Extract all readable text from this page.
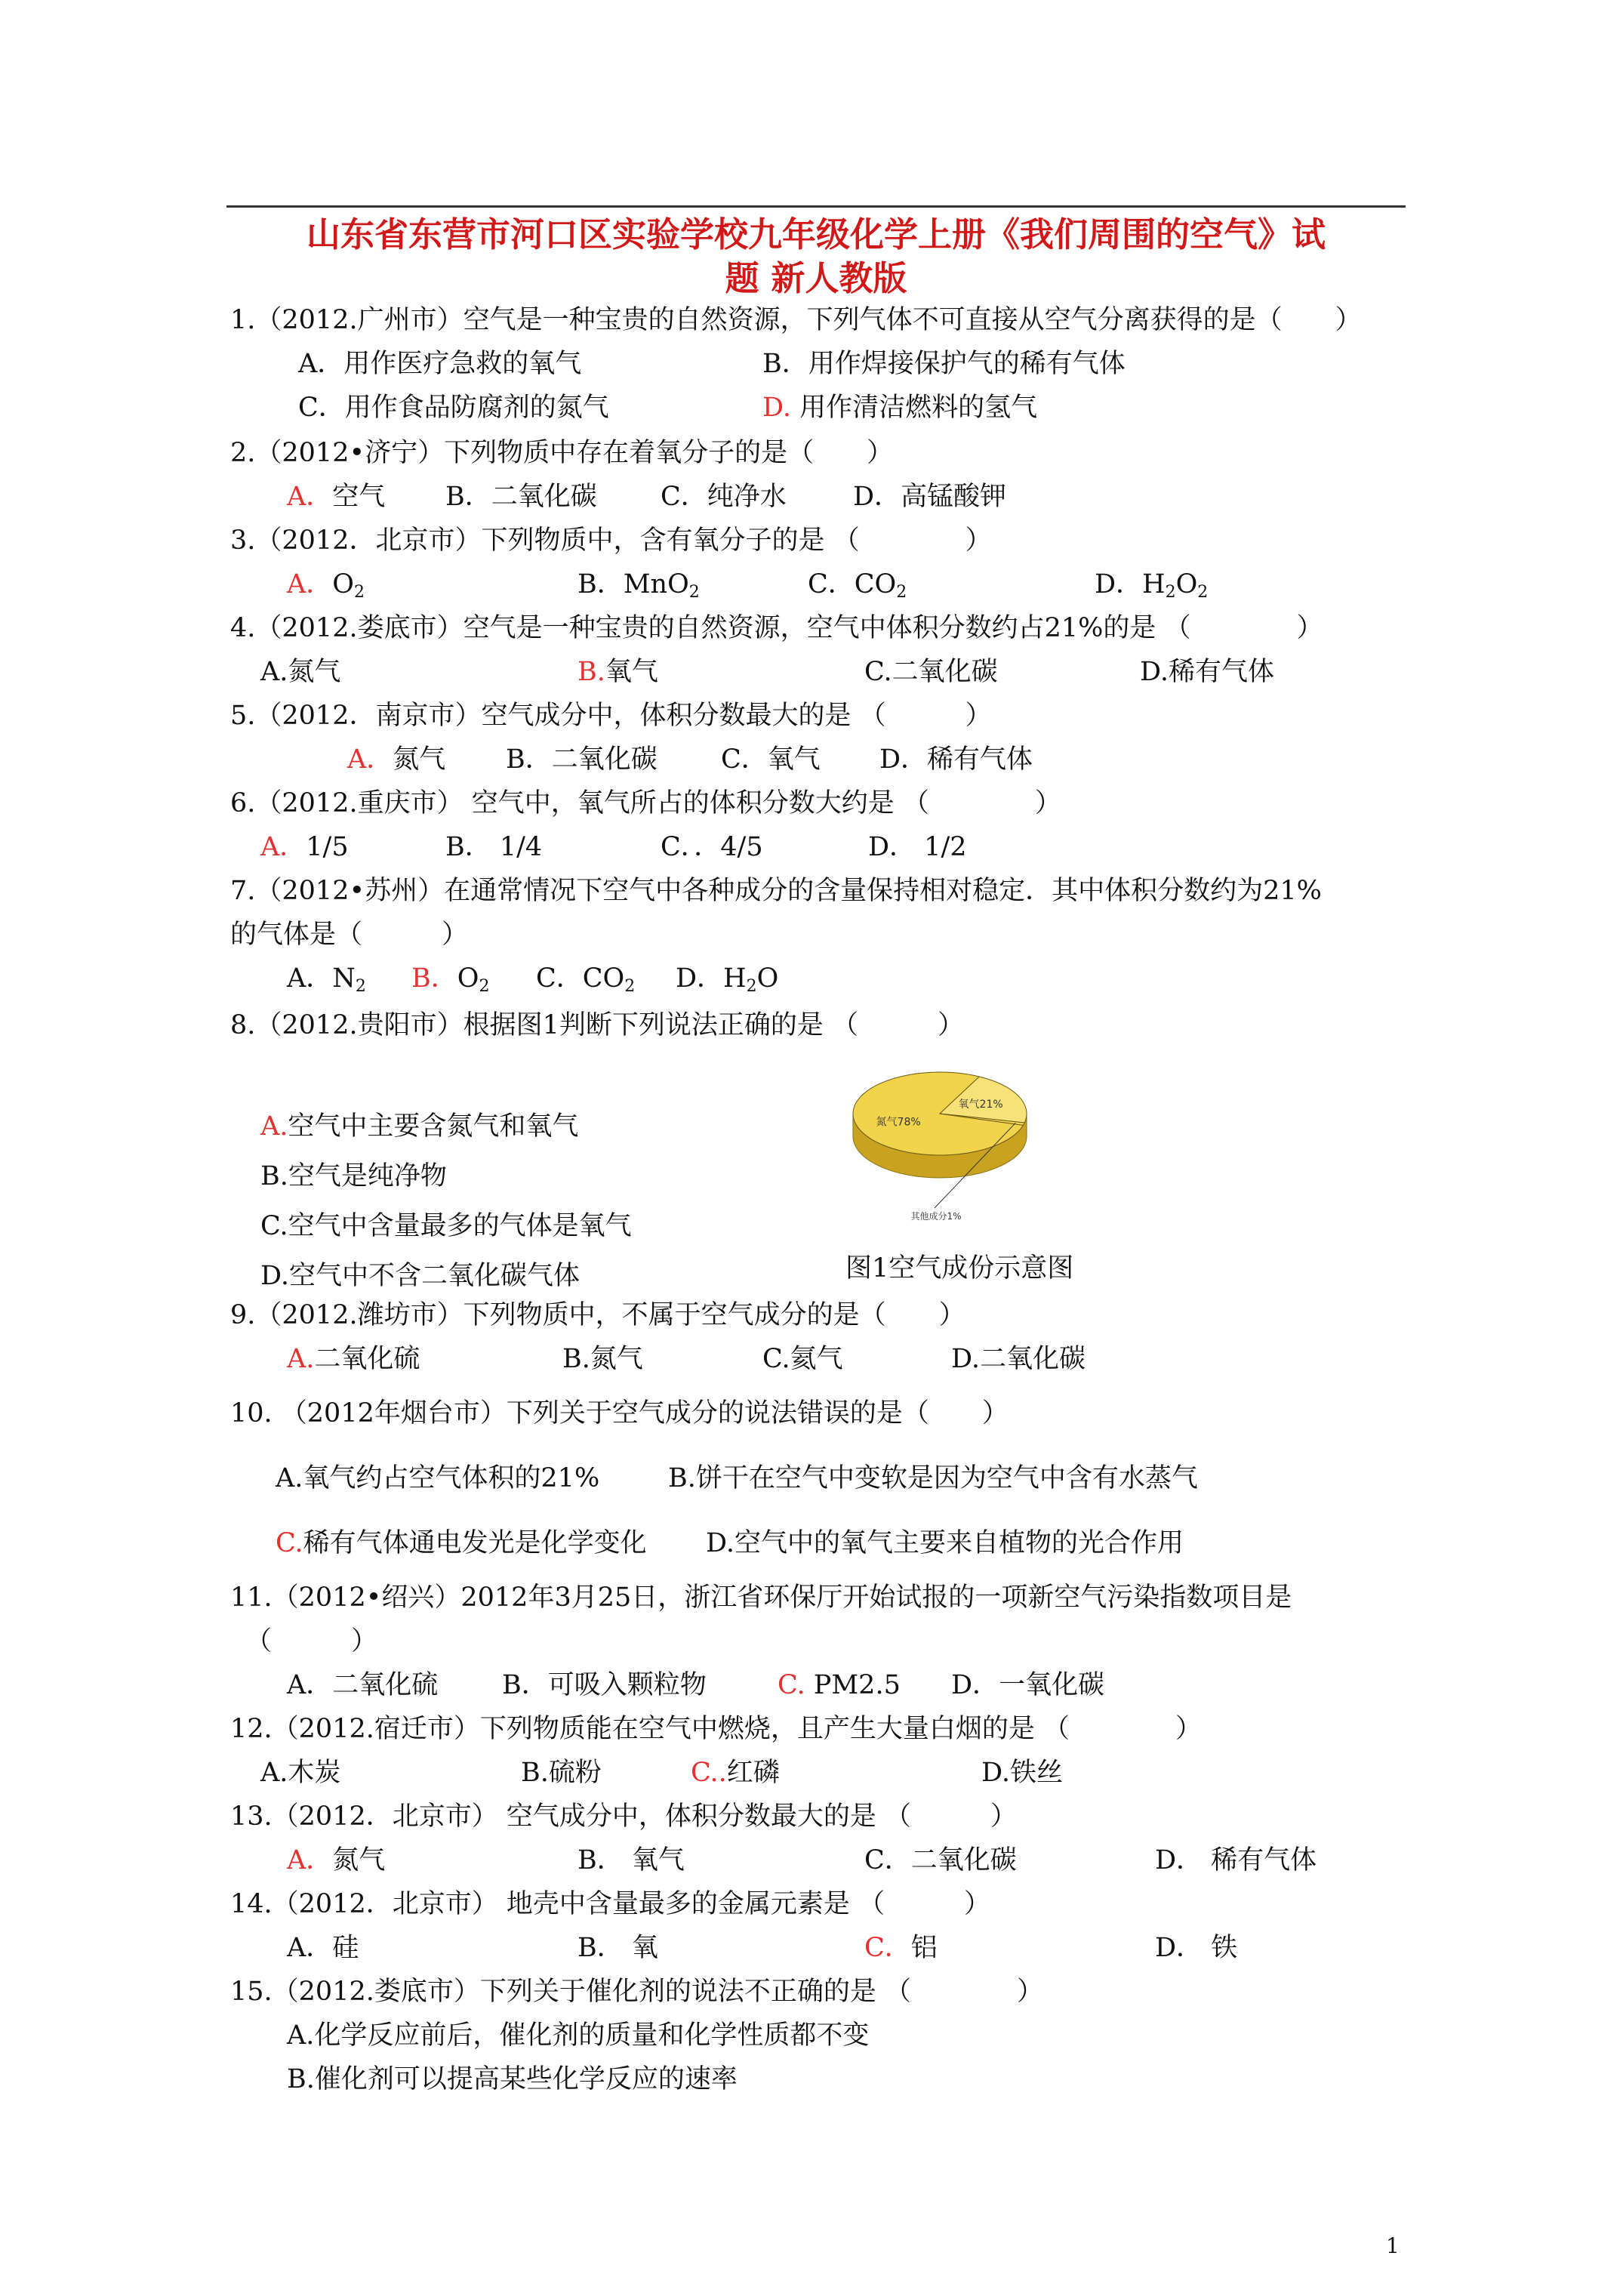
山东省东营市河口区实验学校九年级化学上册《我们周围的空气》试
题 新人教版
1.（2012.广州市）空气是一种宝贵的自然资源，下列气体不可直接从空气分离获得的是（　　）
A．用作医疗急救的氧气	B．用作焊接保护气的稀有气体
C．用作食品防腐剂的氮气	D. 用作清洁燃料的氢气
2.（2012•济宁）下列物质中存在着氧分子的是（　　）
A．空气 B．二氧化碳 C．纯净水	D．高锰酸钾
3.（2012．北京市）下列物质中，含有氧分子的是 （　　　　）
A．$O_2$	B．MnO$_2$	C．$CO_2$	D．$H_2O_2$
4.（2012.娄底市）空气是一种宝贵的自然资源，空气中体积分数约占21%的是 （　　　　）
A.氮气	B.氧气	C.二氧化碳	D.稀有气体
5.（2012．南京市）空气成分中，体积分数最大的是 （　　　）
A．氮气 B．二氧化碳 C．氧气 D．稀有气体
6.（2012.重庆市） 空气中，氧气所占的体积分数大约是 （　　　　）
A．1/5	B． 1/4	C．．4/5	D． 1/2
7.（2012•苏州）在通常情况下空气中各种成分的含量保持相对稳定．其中体积分数约为21%
的气体是（　　　）
A．$N_2$ B．$O_2$ C．$CO_2$ D．$H_2O$
8.（2012.贵阳市）根据图1判断下列说法正确的是 （　　　）
A.空气中主要含氮气和氧气
B.空气是纯净物
C.空气中含量最多的气体是氧气
D.空气中不含二氧化碳气体
氮气78%
氧气21%
其他成分1%
图1空气成份示意图
9.（2012.潍坊市）下列物质中，不属于空气成分的是（　　）
A.二氧化硫	B.氮气	C.氦气	D.二氧化碳
10. （2012年烟台市）下列关于空气成分的说法错误的是（　　）
A.氧气约占空气体积的21%	B.饼干在空气中变软是因为空气中含有水蒸气
C.稀有气体通电发光是化学变化 D.空气中的氧气主要来自植物的光合作用
11.（2012•绍兴）2012年3月25日，浙江省环保厅开始试报的一项新空气污染指数项目是
（　　　）
A．二氧化硫 B．可吸入颗粒物	C. PM2.5 D．一氧化碳
12.（2012.宿迁市）下列物质能在空气中燃烧，且产生大量白烟的是 （　　　　）
A.木炭	B.硫粉	C..红磷	D.铁丝
13.（2012．北京市） 空气成分中，体积分数最大的是 （　　　）
A．氮气	B． 氧气	C．二氧化碳	D． 稀有气体
14.（2012．北京市） 地壳中含量最多的金属元素是 （　　　）
A．硅	B． 氧	C．铝	D． 铁
15.（2012.娄底市）下列关于催化剂的说法不正确的是 （　　　　）
A.化学反应前后，催化剂的质量和化学性质都不变
B.催化剂可以提高某些化学反应的速率
1
